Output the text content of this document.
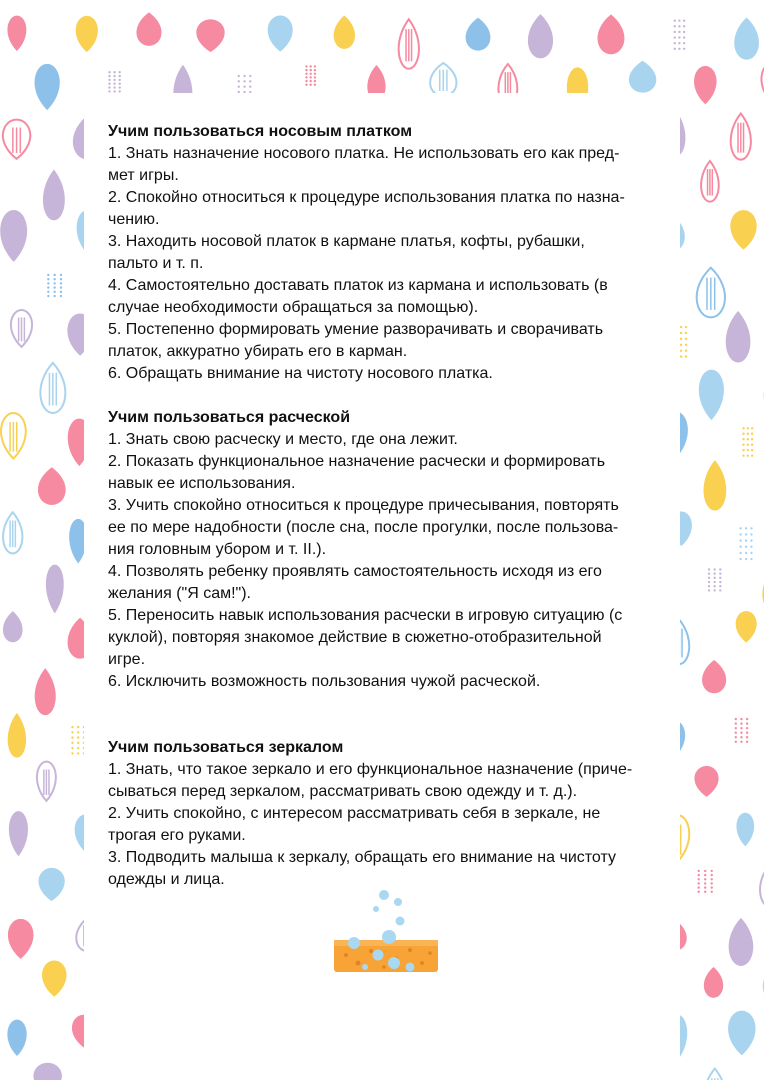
Учим пользоваться носовым платком

1. Знать назначение носового платка. Не использовать его как пред-

мет игры.

2. Спокойно относиться к процедуре использования платка по назна-

чению.

3. Находить носовой платок в кармане платья, кофты, рубашки,

пальто и т. п.

4. Самостоятельно доставать платок из кармана и использовать (в

случае необходимости обращаться за помощью).

5. Постепенно формировать умение разворачивать и сворачивать

платок, аккуратно убирать его в карман.

6. Обращать внимание на чистоту носового платка.

Учим пользоваться расческой

1. Знать свою расческу и место, где она лежит.

2. Показать функциональное назначение расчески и формировать

навык ее использования.

3. Учить спокойно относиться к процедуре причесывания, повторять

ее по мере надобности (после сна, после прогулки, после пользова-

ния головным убором и т. II.).

4. Позволять ребенку проявлять самостоятельность исходя из его

желания ("Я сам!").

5. Переносить навык использования расчески в игровую ситуацию (с

куклой), повторяя знакомое действие в сюжетно-отобразительной

игре.

6. Исключить возможность пользования чужой расческой.

Учим пользоваться зеркалом

1. Знать, что такое зеркало и его функциональное назначение (приче-

сываться перед зеркалом, рассматривать свою одежду и т. д.).

2. Учить спокойно, с интересом рассматривать себя в зеркале, не

трогая его руками.

3. Подводить малыша к зеркалу, обращать его внимание на чистоту

одежды и лица.
